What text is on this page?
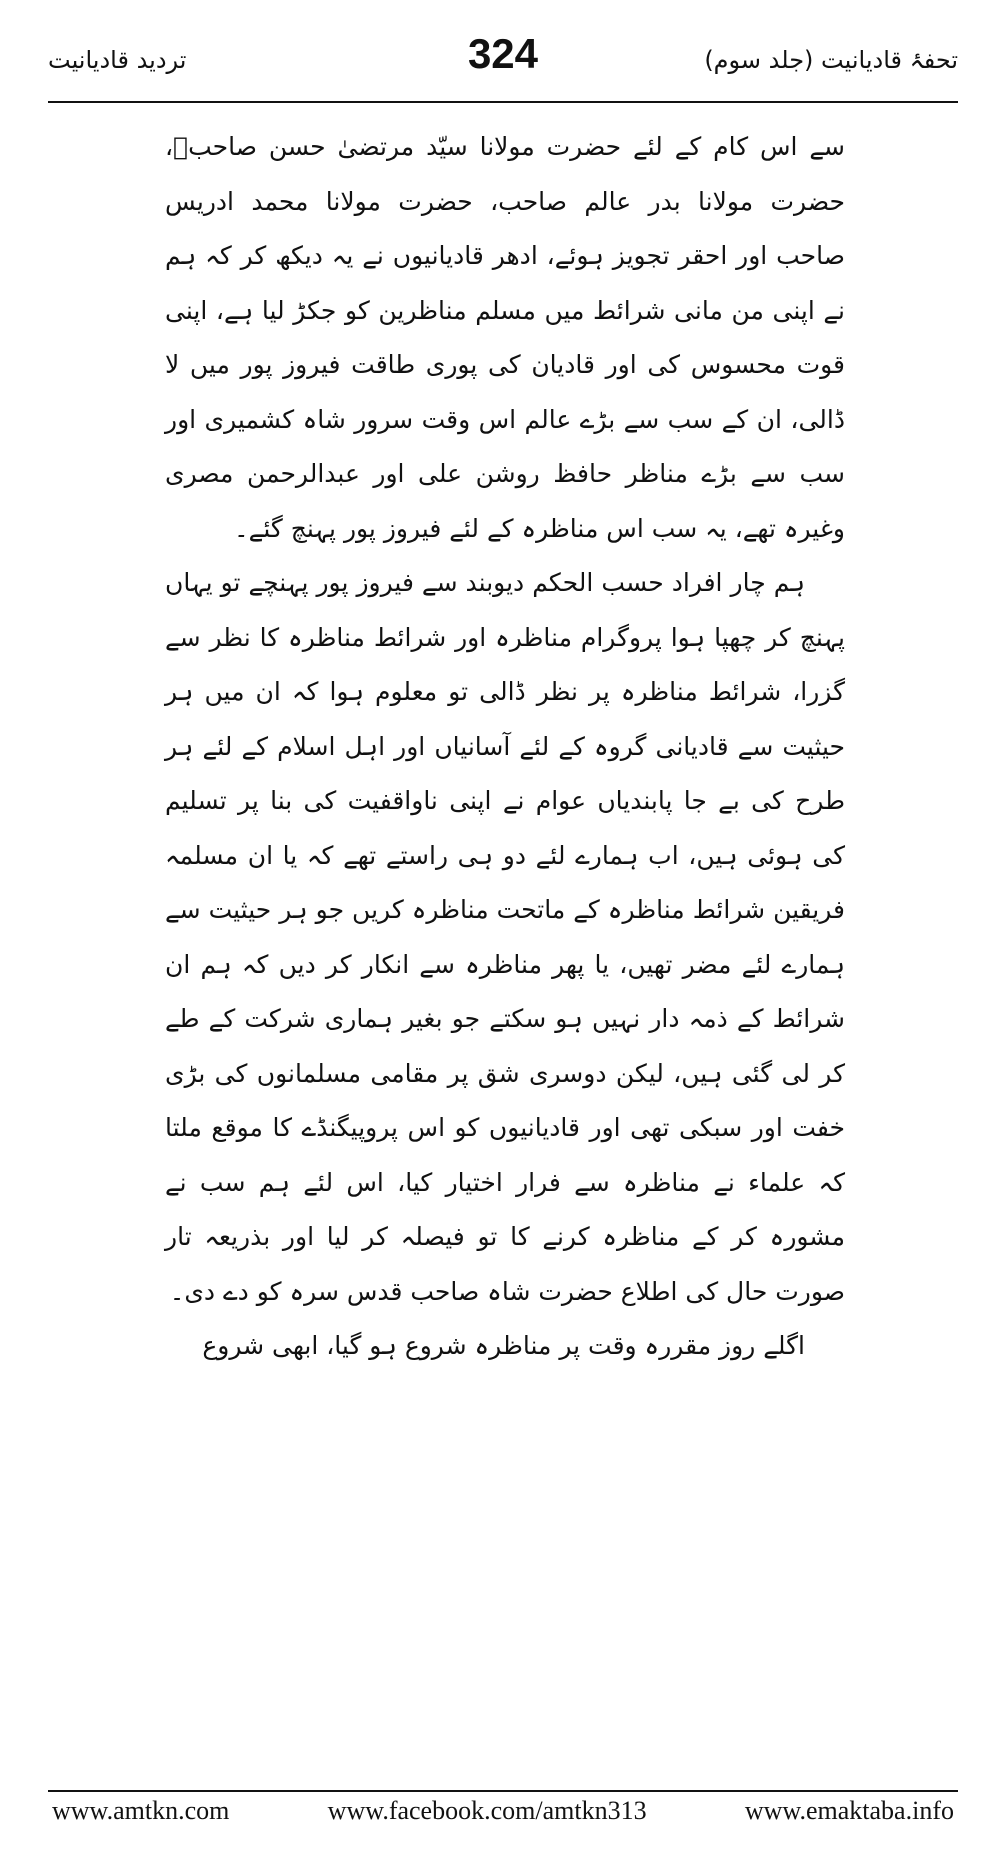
ترديد قاديانيت	324	تحفۂ قادیانیت (جلد سوم)

سے اس کام کے لئے حضرت مولانا سیّد مرتضیٰ حسن صاحبؒ، حضرت مولانا بدر عالم صاحب، حضرت مولانا محمد ادریس صاحب اور احقر تجویز ہوئے، ادھر قادیانیوں نے یہ دیکھ کر کہ ہم نے اپنی من مانی شرائط میں مسلم مناظرین کو جکڑ لیا ہے، اپنی قوت محسوس کی اور قادیان کی پوری طاقت فیروز پور میں لا ڈالی، ان کے سب سے بڑے عالم اس وقت سرور شاہ کشمیری اور سب سے بڑے مناظر حافظ روشن علی اور عبدالرحمن مصری وغیرہ تھے، یہ سب اس مناظرہ کے لئے فیروز پور پہنچ گئے۔

ہم چار افراد حسب الحکم دیوبند سے فیروز پور پہنچے تو یہاں پہنچ کر چھپا ہوا پروگرام مناظرہ اور شرائط مناظرہ کا نظر سے گزرا، شرائط مناظرہ پر نظر ڈالی تو معلوم ہوا کہ ان میں ہر حیثیت سے قادیانی گروہ کے لئے آسانیاں اور اہل اسلام کے لئے ہر طرح کی بے جا پابندیاں عوام نے اپنی ناواقفیت کی بنا پر تسلیم کی ہوئی ہیں، اب ہمارے لئے دو ہی راستے تھے کہ یا ان مسلمہ فریقین شرائط مناظرہ کے ماتحت مناظرہ کریں جو ہر حیثیت سے ہمارے لئے مضر تھیں، یا پھر مناظرہ سے انکار کر دیں کہ ہم ان شرائط کے ذمہ دار نہیں ہو سکتے جو بغیر ہماری شرکت کے طے کر لی گئی ہیں، لیکن دوسری شق پر مقامی مسلمانوں کی بڑی خفت اور سبکی تھی اور قادیانیوں کو اس پروپیگنڈے کا موقع ملتا کہ علماء نے مناظرہ سے فرار اختیار کیا، اس لئے ہم سب نے مشورہ کر کے مناظرہ کرنے کا تو فیصلہ کر لیا اور بذریعہ تار صورت حال کی اطلاع حضرت شاہ صاحب قدس سرہ کو دے دی۔

اگلے روز مقررہ وقت پر مناظرہ شروع ہو گیا، ابھی شروع

www.amtkn.com	www.facebook.com/amtkn313	www.emaktaba.info
